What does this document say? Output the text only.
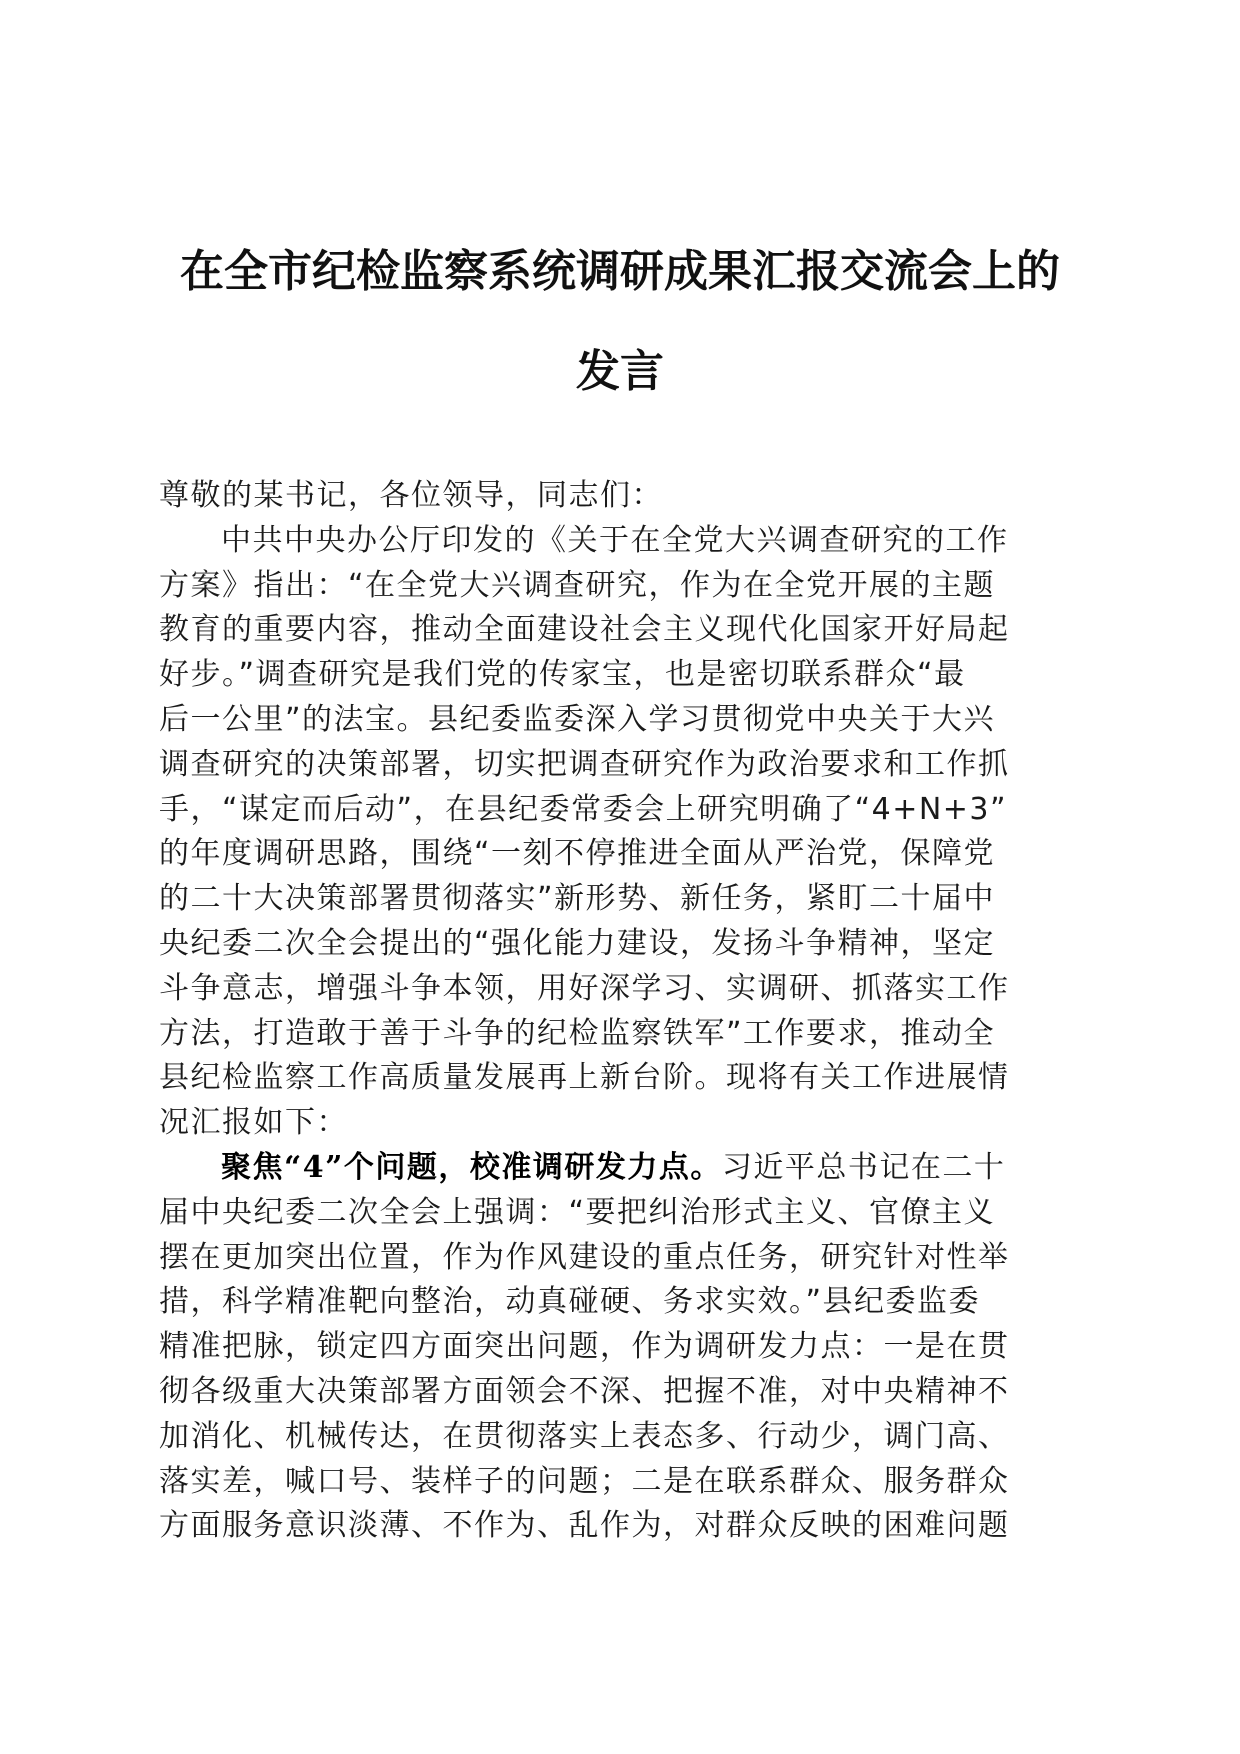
在全市纪检监察系统调研成果汇报交流会上的
发言
尊敬的某书记，各位领导，同志们：
中共中央办公厅印发的《关于在全党大兴调查研究的工作
方案》指出：“在全党大兴调查研究，作为在全党开展的主题
教育的重要内容，推动全面建设社会主义现代化国家开好局起
好步。”调查研究是我们党的传家宝，也是密切联系群众“最
后一公里”的法宝。县纪委监委深入学习贯彻党中央关于大兴
调查研究的决策部署，切实把调查研究作为政治要求和工作抓
手，“谋定而后动”，在县纪委常委会上研究明确了“4+N+3”
的年度调研思路，围绕“一刻不停推进全面从严治党，保障党
的二十大决策部署贯彻落实”新形势、新任务，紧盯二十届中
央纪委二次全会提出的“强化能力建设，发扬斗争精神，坚定
斗争意志，增强斗争本领，用好深学习、实调研、抓落实工作
方法，打造敢于善于斗争的纪检监察铁军”工作要求，推动全
县纪检监察工作高质量发展再上新台阶。现将有关工作进展情
况汇报如下：
聚焦“4”个问题，校准调研发力点。习近平总书记在二十
届中央纪委二次全会上强调：“要把纠治形式主义、官僚主义
摆在更加突出位置，作为作风建设的重点任务，研究针对性举
措，科学精准靶向整治，动真碰硬、务求实效。”县纪委监委
精准把脉，锁定四方面突出问题，作为调研发力点：一是在贯
彻各级重大决策部署方面领会不深、把握不准，对中央精神不
加消化、机械传达，在贯彻落实上表态多、行动少，调门高、
落实差，喊口号、装样子的问题；二是在联系群众、服务群众
方面服务意识淡薄、不作为、乱作为，对群众反映的困难问题
